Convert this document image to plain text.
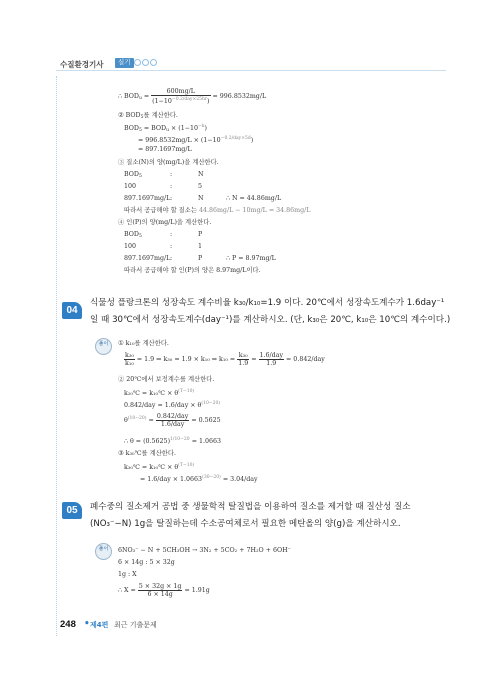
수질환경기사	실기
∴ $BOD_u = \frac{600mg/L}{(1-10^{-0.2/day\times 25hr})} = 996.8532mg/L$
② $BOD_5$를 계산한다.
$BOD_5 = BOD_u \times (1-10^{-k})$
= $996.8532mg/L \times (1-10^{-0.2/day\times 5d})$
= 897.1697mg/L
③ 질소(N)의 양(mg/L)을 계산한다.
$BOD_5$	:	N
100	:	5
897.1697mg/L :	N	∴ N = 44.86mg/L
따라서 공급해야 할 질소는 44.86mg/L − 10mg/L = 34.86mg/L
④ 인(P)의 양(mg/L)을 계산한다.
$BOD_5$	:	P
100	:	1
897.1697mg/L :	P	∴ P = 8.97mg/L
따라서 공급해야 할 인(P)의 양은 8.97mg/L이다.
04
식물성 플랑크톤의 성장속도 계수비율 k₃₀/k₁₀=1.9 이다. 20℃에서 성장속도계수가 1.6day⁻¹
일 때 30℃에서 성장속도계수(day⁻¹)를 계산하시오. (단, k₃₀은 20℃, k₁₀은 10℃의 계수이다.)
풀이	① k₁₀를 계산한다.
$\frac{\text{k₃₀}}{\text{k₁₀}} = 1.9$ ⇒ k₃₀ = 1.9 × k₁₀ ⇒ $k_{10} = \frac{\text{k₃₀}}{1.9} = \frac{\text{1.6/day}}{1.9} = 0.842/day$
② 20℃에서 보정계수를 계산한다.
k₂₀℃ = k₁₀℃ × $\theta^{(T-10)}$
$0.842/day = 1.6/day \times \theta^{(10-20)}$
$\theta^{(10-20)} = \frac{\text{0.842/day}}{\text{1.6/day}} = 0.5625$
∴ $\theta = (0.5625)^{1/10-20} = 1.0663$
③ k₃₀℃를 계산한다.
k₃₀℃ = k₁₀℃ × $\theta^{(T-10)}$
= $1.6/day \times 1.0663^{(30-20)} = 3.04/day$
05	폐수중의 질소제거 공법 중 생물학적 탈질법을 이용하여 질소를 제거할 때 질산성 질소
(NO₃⁻−N) 1g을 탈질하는데 수소공여체로서 필요한 메탄올의 양(g)을 계산하시오.
풀이	6NO₃⁻ − N + 5CH₃OH → 3N₂ + 5CO₂ + 7H₂O + 6OH⁻
6 × 14g : 5 × 32g
1g : X
∴ $X = \frac{5 \times 32g \times 1g}{6 \times 14g} = 1.91g$
248 • 제4편 최근 기출문제
